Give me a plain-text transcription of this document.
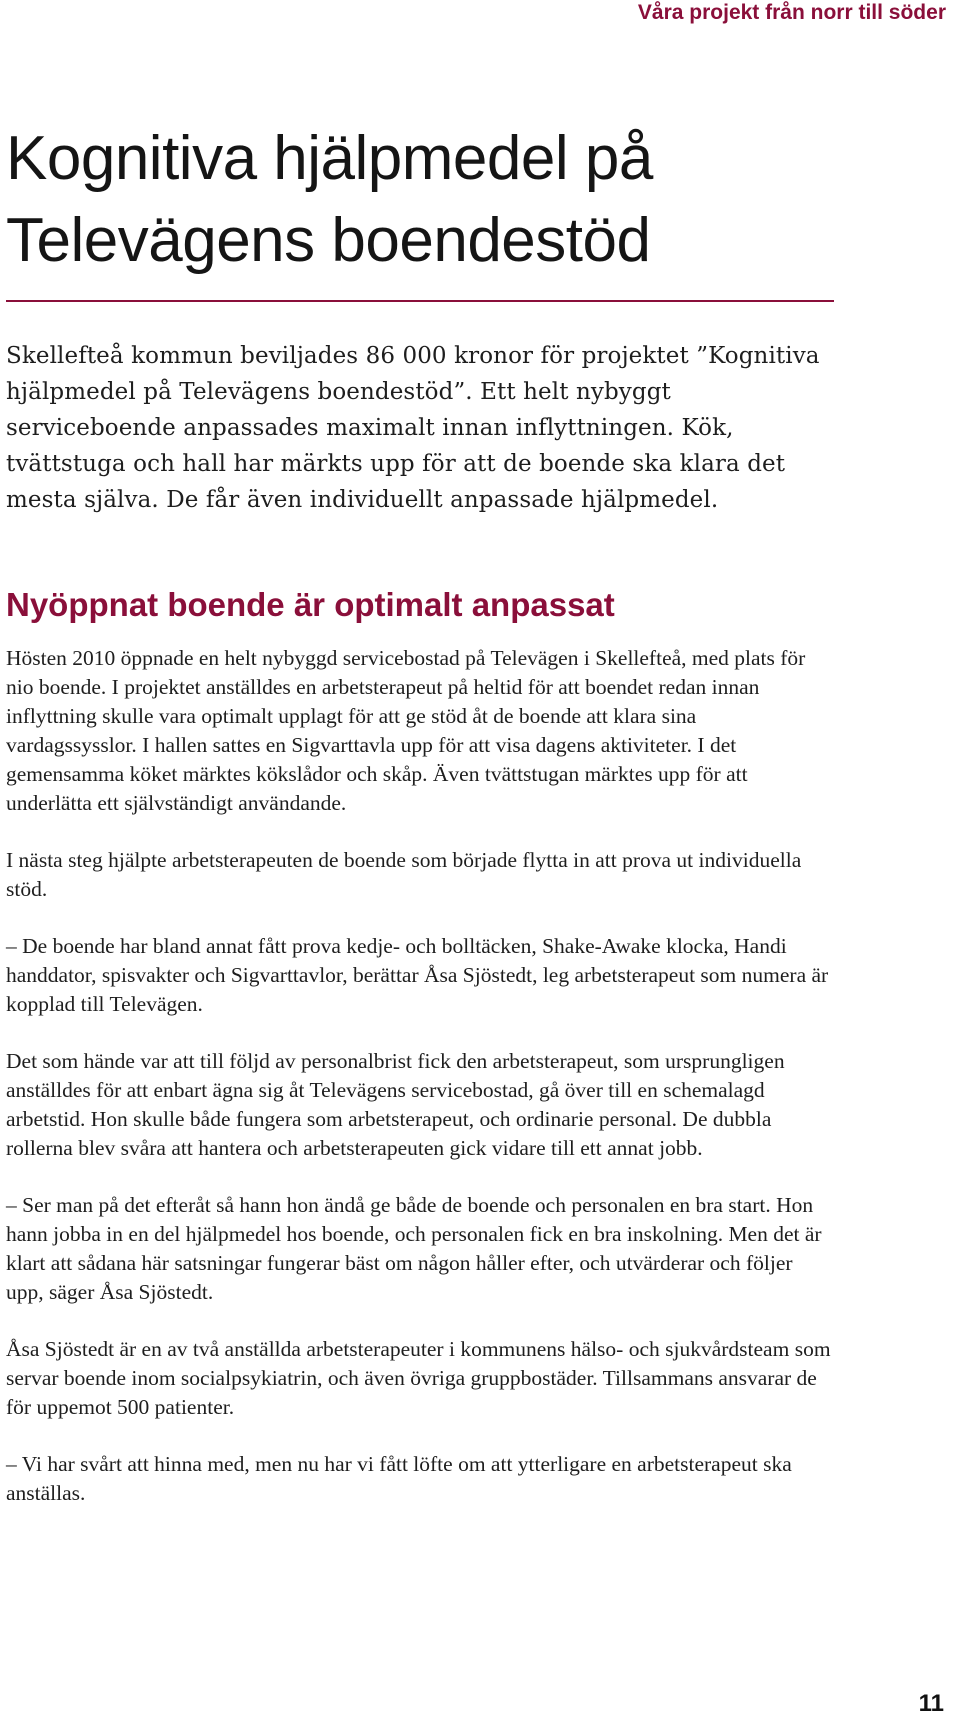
Våra projekt från norr till söder
Kognitiva hjälpmedel på Televägens boendestöd

Skellefteå kommun beviljades 86 000 kronor för projektet ”Kognitiva hjälpmedel på Televägens boendestöd”. Ett helt nybyggt serviceboende anpassades maximalt innan inflyttningen. Kök, tvättstuga och hall har märkts upp för att de boende ska klara det mesta själva. De får även individuellt anpassade hjälpmedel.

Nyöppnat boende är optimalt anpassat

Hösten 2010 öppnade en helt nybyggd servicebostad på Televägen i Skellefteå, med plats för nio boende. I projektet anställdes en arbetsterapeut på heltid för att boendet redan innan inflyttning skulle vara optimalt upplagt för att ge stöd åt de boende att klara sina vardagssysslor. I hallen sattes en Sigvarttavla upp för att visa dagens aktiviteter. I det gemensamma köket märktes kökslådor och skåp. Även tvättstugan märktes upp för att underlätta ett självständigt användande.

I nästa steg hjälpte arbetsterapeuten de boende som började flytta in att prova ut individuella stöd.

– De boende har bland annat fått prova kedje- och bolltäcken, Shake-Awake klocka, Handi handdator, spisvakter och Sigvarttavlor, berättar Åsa Sjöstedt, leg arbetsterapeut som numera är kopplad till Televägen.

Det som hände var att till följd av personalbrist fick den arbetsterapeut, som ursprungligen anställdes för att enbart ägna sig åt Televägens servicebostad, gå över till en schemalagd arbetstid. Hon skulle både fungera som arbetsterapeut, och ordinarie personal. De dubbla rollerna blev svåra att hantera och arbetsterapeuten gick vidare till ett annat jobb.

– Ser man på det efteråt så hann hon ändå ge både de boende och personalen en bra start. Hon hann jobba in en del hjälpmedel hos boende, och personalen fick en bra inskolning. Men det är klart att sådana här satsningar fungerar bäst om någon håller efter, och utvärderar och följer upp, säger Åsa Sjöstedt.

Åsa Sjöstedt är en av två anställda arbetsterapeuter i kommunens hälso- och sjukvårdsteam som servar boende inom socialpsykiatrin, och även övriga gruppbostäder. Tillsammans ansvarar de för uppemot 500 patienter.

– Vi har svårt att hinna med, men nu har vi fått löfte om att ytterligare en arbetsterapeut ska anställas.

11
